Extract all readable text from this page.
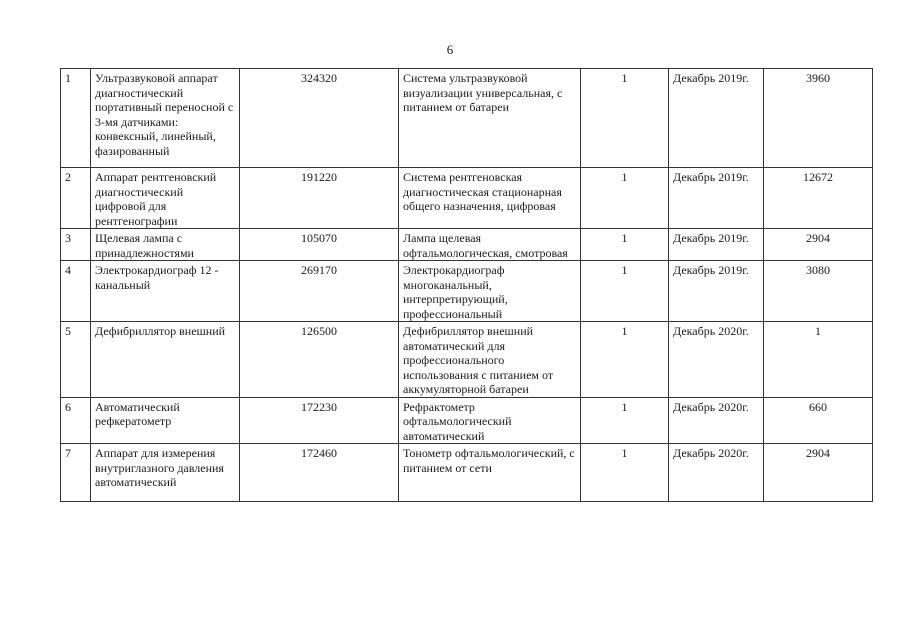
6
1	Ультразвуковой аппарат диагностический портативный переносной с 3-мя датчиками: конвексный, линейный, фазированный	324320	Система ультразвуковой визуализации универсальная, с питанием от батареи	1	Декабрь 2019г.	3960
2	Аппарат рентгеновский диагностический цифровой для рентгенографии	191220	Система рентгеновская диагностическая стационарная общего назначения, цифровая	1	Декабрь 2019г.	12672
3	Щелевая лампа с принадлежностями	105070	Лампа щелевая офтальмологическая, смотровая	1	Декабрь 2019г.	2904
4	Электрокардиограф 12 - канальный	269170	Электрокардиограф многоканальный, интерпретирующий, профессиональный	1	Декабрь 2019г.	3080
5	Дефибриллятор внешний	126500	Дефибриллятор внешний автоматический для профессионального использования с питанием от аккумуляторной батареи	1	Декабрь 2020г.	1
6	Автоматический рефкератометр	172230	Рефрактометр офтальмологический автоматический	1	Декабрь 2020г.	660
7	Аппарат для измерения внутриглазного давления автоматический	172460	Тонометр офтальмологический, с питанием от сети	1	Декабрь 2020г.	2904
